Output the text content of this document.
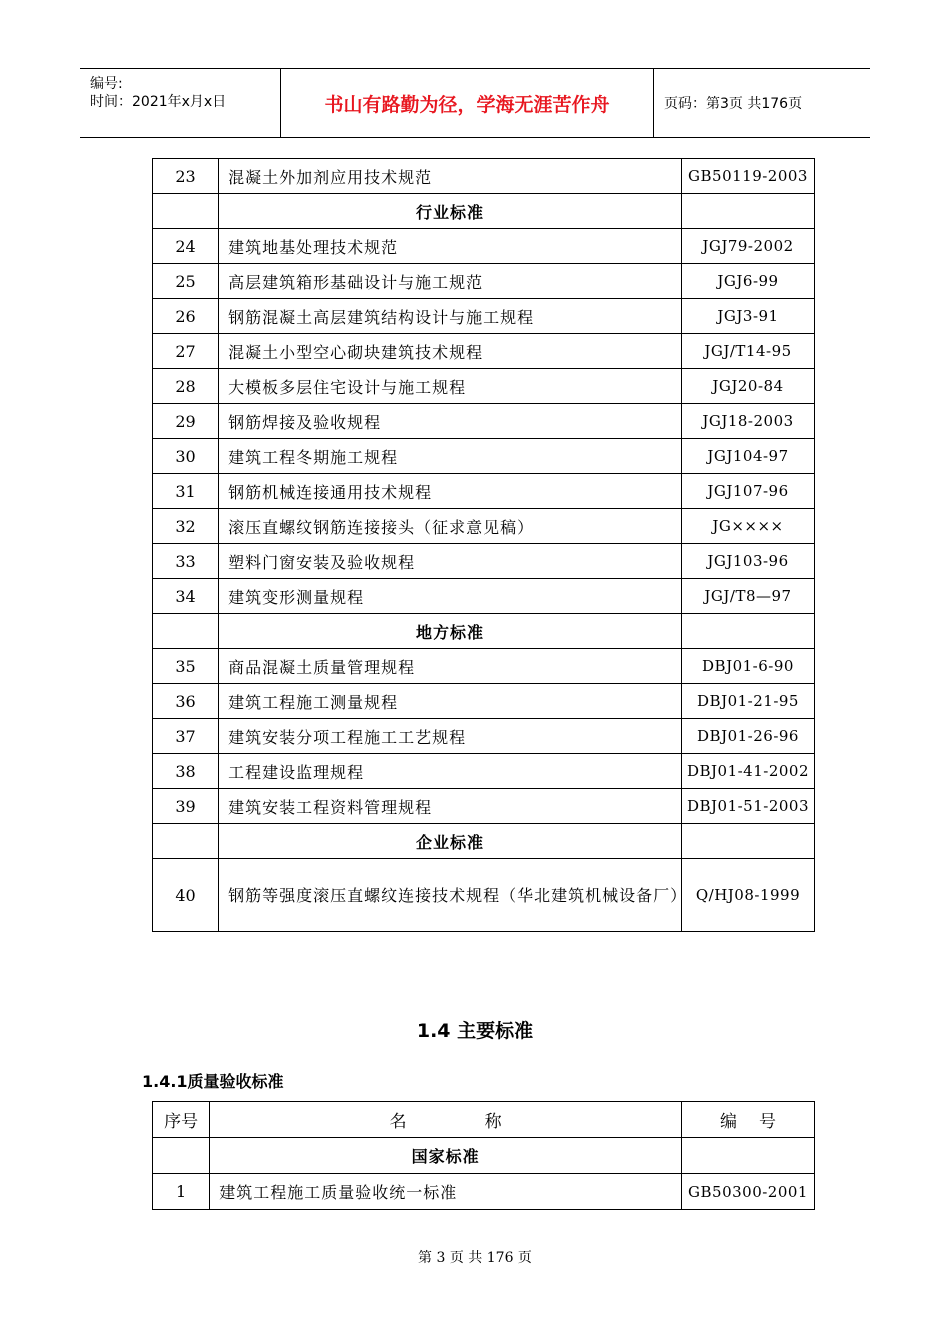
编号:
时间：2021年x月x日	书山有路勤为径，学海无涯苦作舟	页码：第3页 共176页
23	混凝土外加剂应用技术规范	GB50119-2003
	行业标准	
24	建筑地基处理技术规范	JGJ79-2002
25	高层建筑箱形基础设计与施工规范	JGJ6-99
26	钢筋混凝土高层建筑结构设计与施工规程	JGJ3-91
27	混凝土小型空心砌块建筑技术规程	JGJ/T14-95
28	大模板多层住宅设计与施工规程	JGJ20-84
29	钢筋焊接及验收规程	JGJ18-2003
30	建筑工程冬期施工规程	JGJ104-97
31	钢筋机械连接通用技术规程	JGJ107-96
32	滚压直螺纹钢筋连接接头（征求意见稿）	JG××××
33	塑料门窗安装及验收规程	JGJ103-96
34	建筑变形测量规程	JGJ/T8—97
	地方标准	
35	商品混凝土质量管理规程	DBJ01-6-90
36	建筑工程施工测量规程	DBJ01-21-95
37	建筑安装分项工程施工工艺规程	DBJ01-26-96
38	工程建设监理规程	DBJ01-41-2002
39	建筑安装工程资料管理规程	DBJ01-51-2003
	企业标准	
40	钢筋等强度滚压直螺纹连接技术规程（华北建筑机械设备厂）	Q/HJ08-1999
1.4 主要标准
1.4.1质量验收标准
序号	名 称	编 号

	国家标准	
1	建筑工程施工质量验收统一标准	GB50300-2001
第 3 页 共 176 页
